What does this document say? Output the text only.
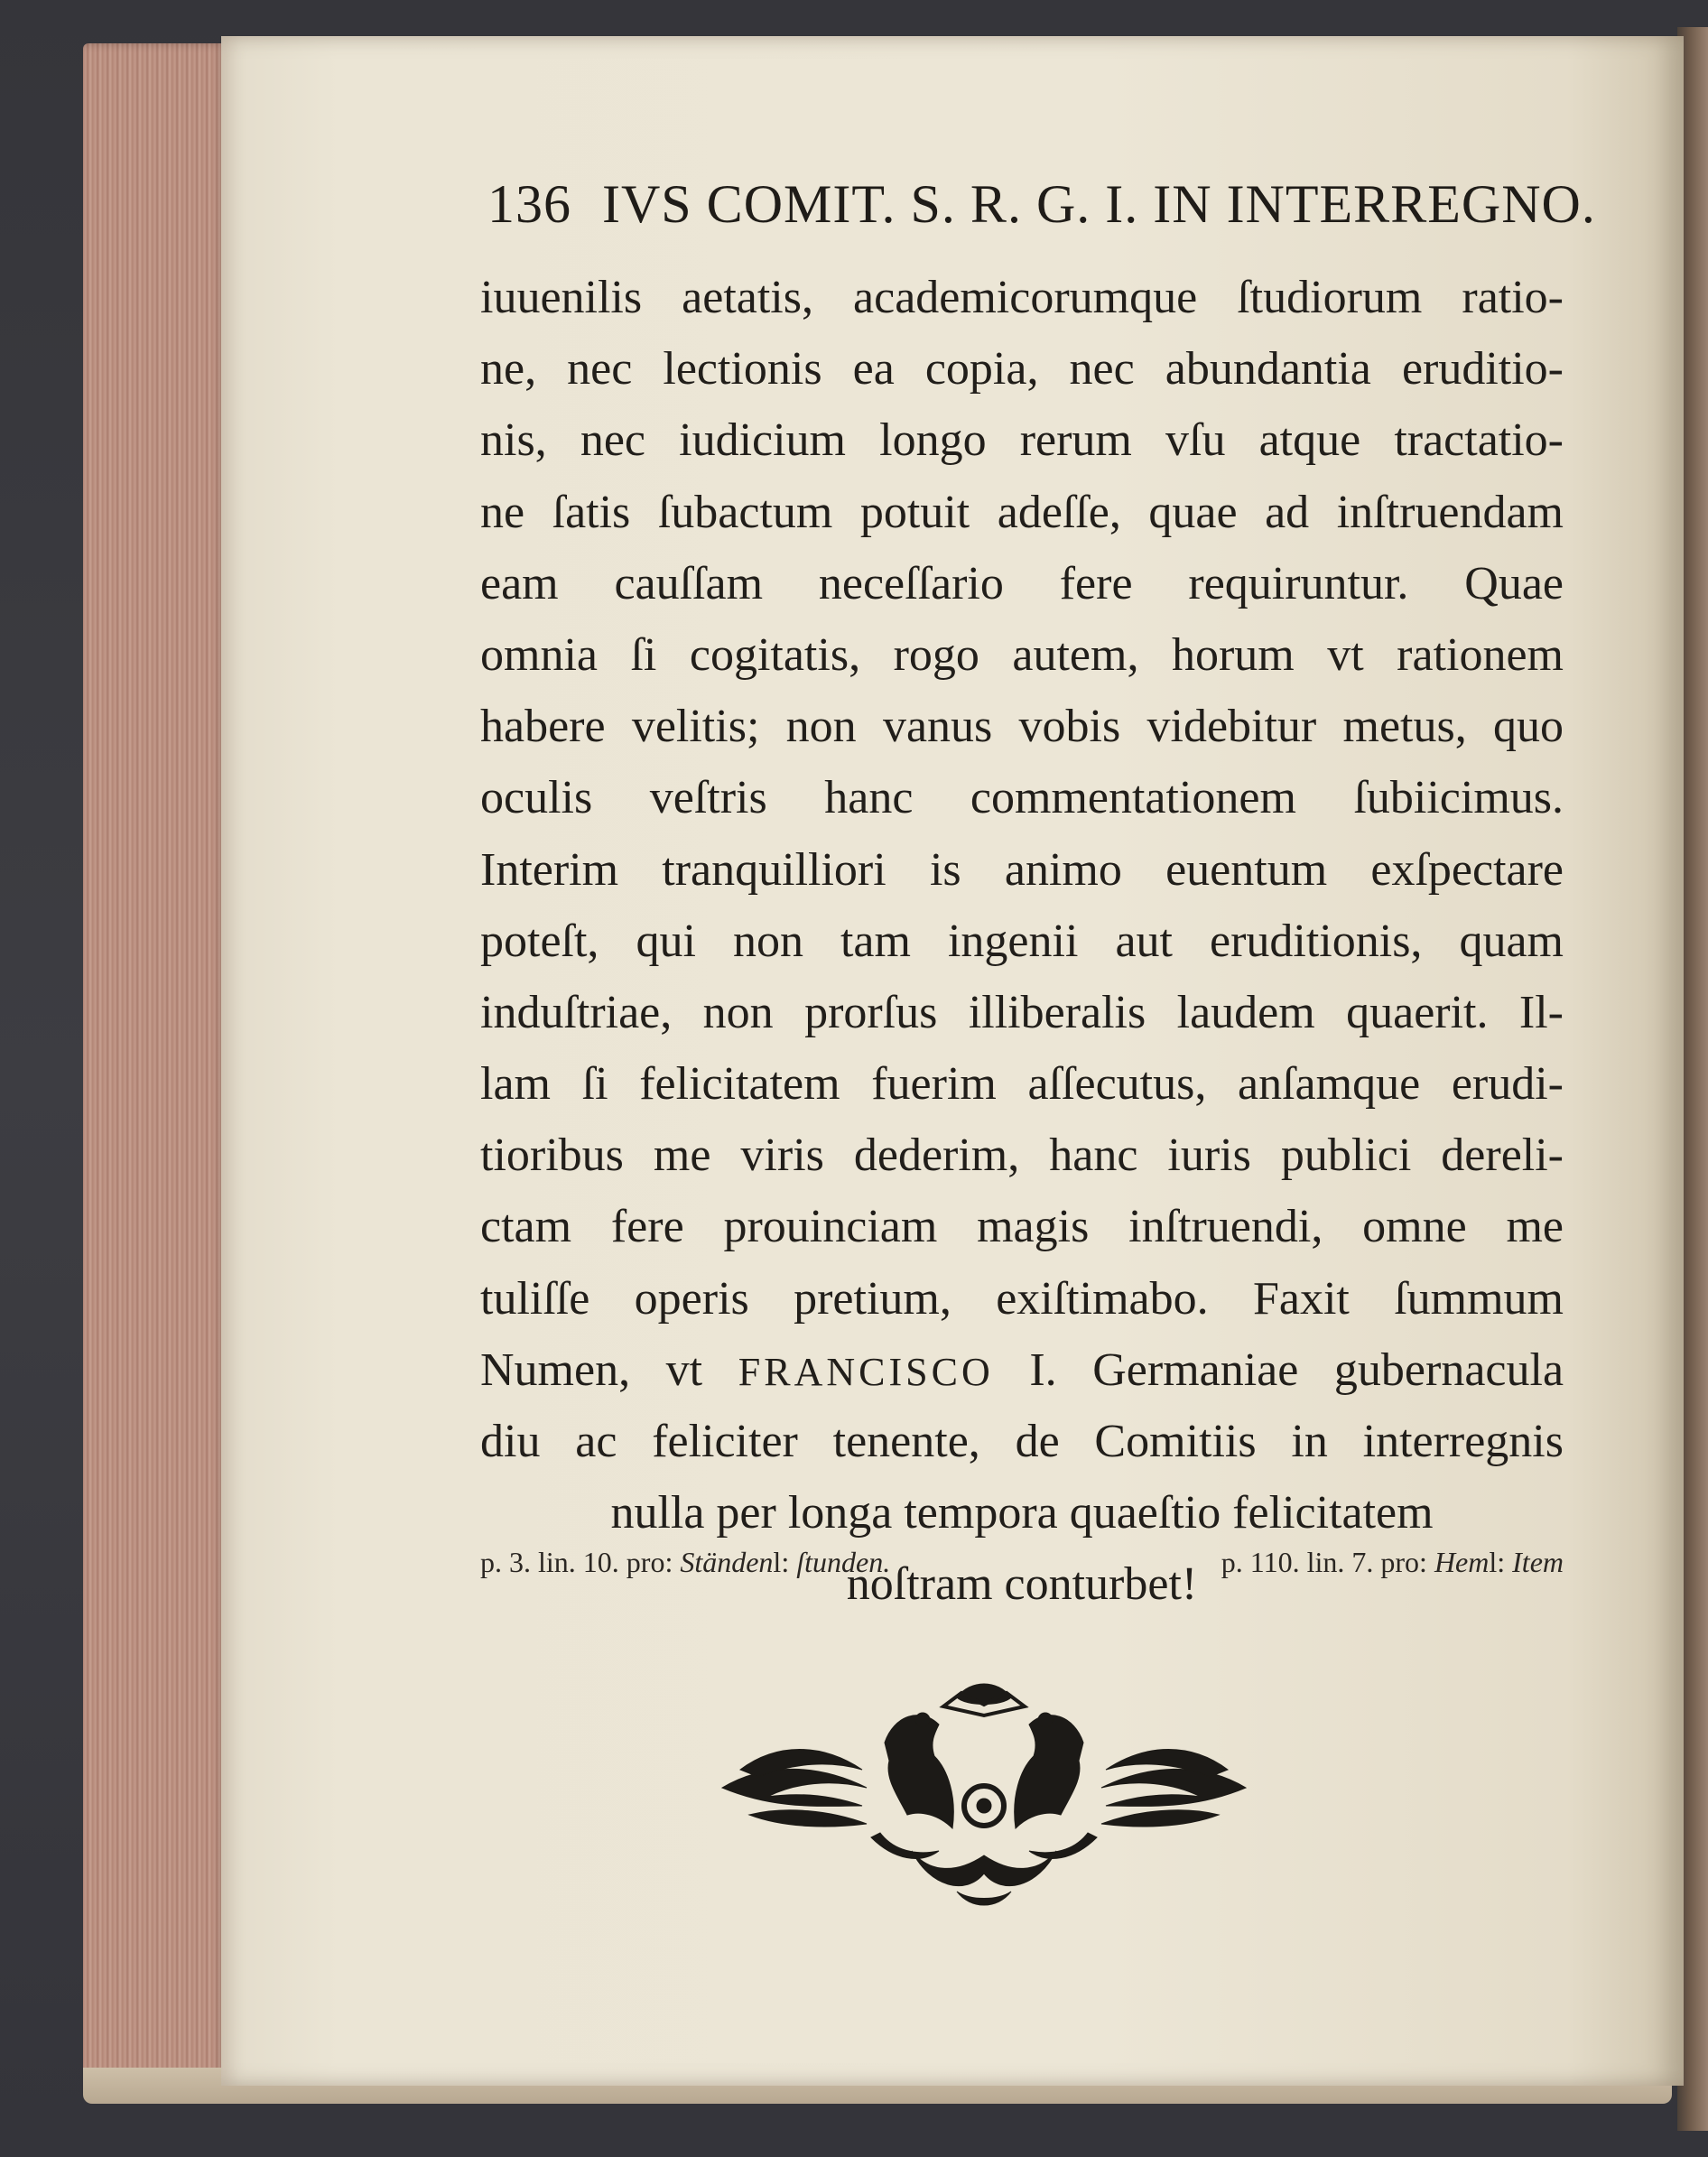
136 IVS COMIT. S. R. G. I. IN INTERREGNO.
iuuenilis aetatis, academicorumque ſtudiorum ratio-
ne, nec lectionis ea copia, nec abundantia eruditio-
nis, nec iudicium longo rerum vſu atque tractatio-
ne ſatis ſubactum potuit adeſſe, quae ad inſtruendam
eam cauſſam neceſſario fere requiruntur. Quae
omnia ſi cogitatis, rogo autem, horum vt rationem
habere velitis; non vanus vobis videbitur metus, quo
oculis veſtris hanc commentationem ſubiicimus.
Interim tranquilliori is animo euentum exſpectare
poteſt, qui non tam ingenii aut eruditionis, quam
induſtriae, non prorſus illiberalis laudem quaerit. Il-
lam ſi felicitatem fuerim aſſecutus, anſamque erudi-
tioribus me viris dederim, hanc iuris publici dereli-
ctam fere prouinciam magis inſtruendi, omne me
tuliſſe operis pretium, exiſtimabo. Faxit ſummum
Numen, vt FRANCISCO I. Germaniae gubernacula
diu ac feliciter tenente, de Comitiis in interregnis
nulla per longa tempora quaeſtio felicitatem
noſtram conturbet!
p. 3. lin. 10. pro: Ständenl: ſtunden.	p. 110. lin. 7. pro: Heml: Item
